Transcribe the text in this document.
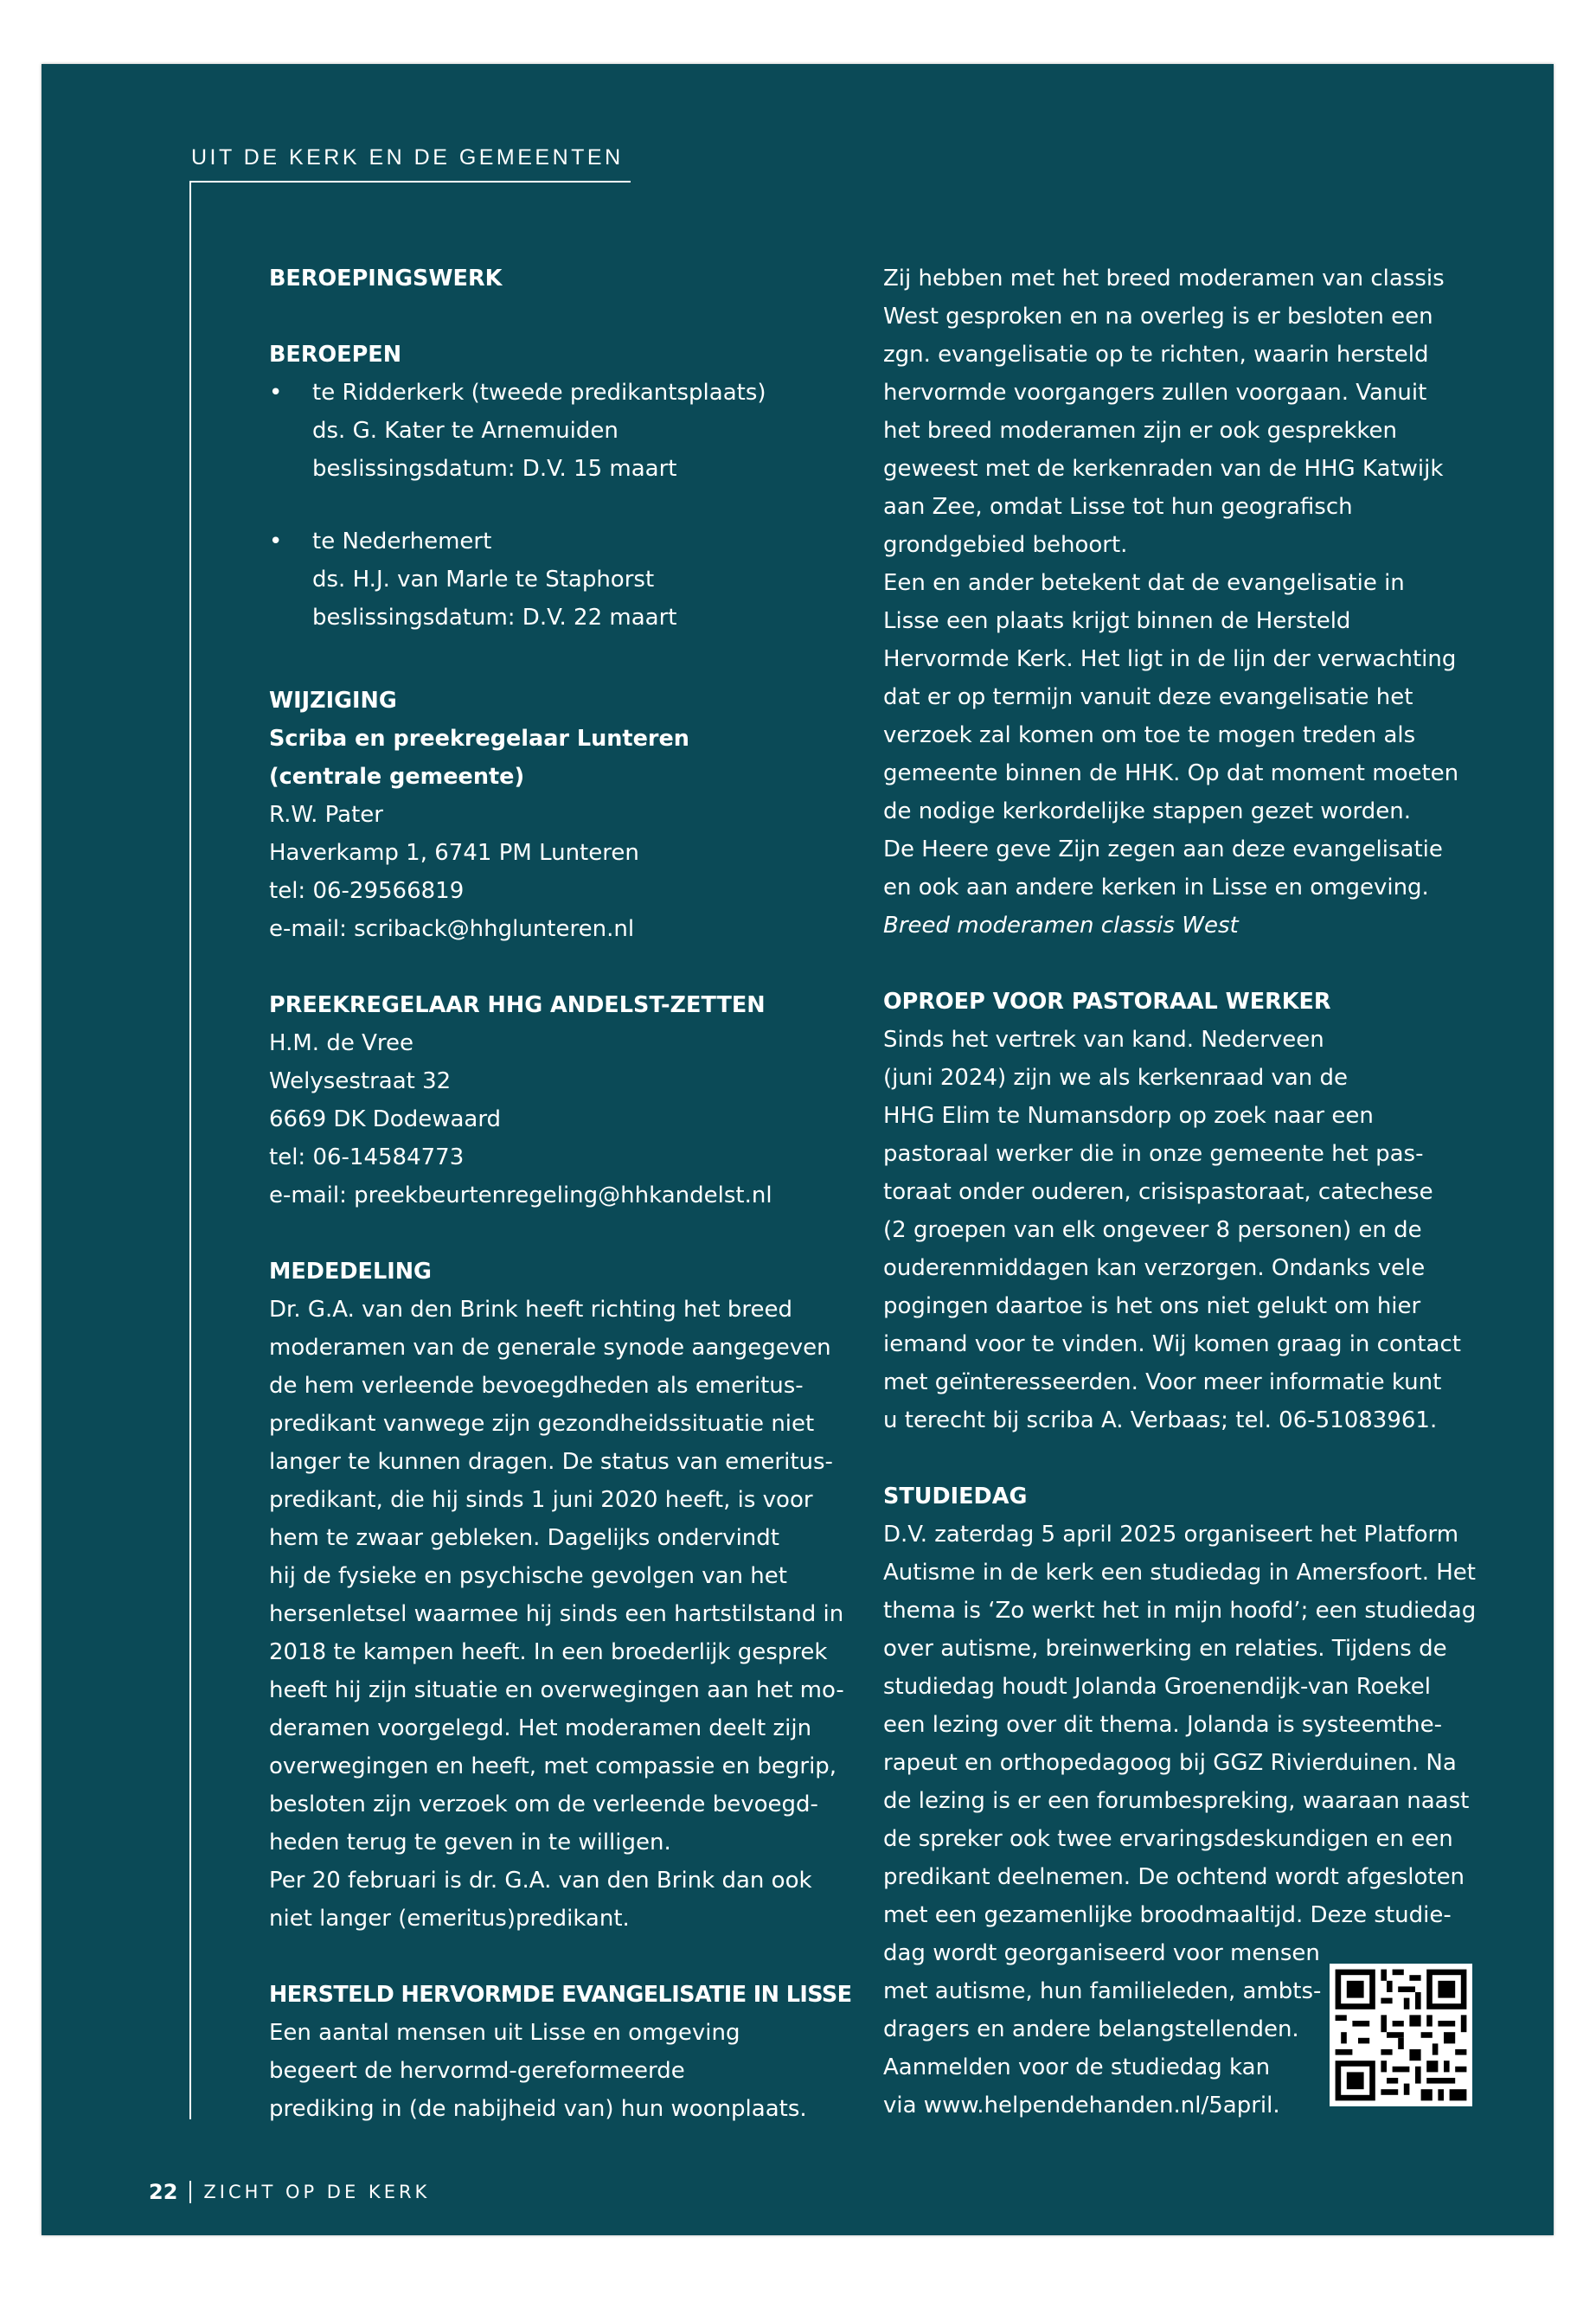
UIT DE KERK EN DE GEMEENTEN

BEROEPINGSWERK

BEROEPEN

• te Ridderkerk (tweede predikantsplaats)

ds. G. Kater te Arnemuiden

beslissingsdatum: D.V. 15 maart

• te Nederhemert

ds. H.J. van Marle te Staphorst

beslissingsdatum: D.V. 22 maart

WIJZIGING

Scriba en preekregelaar Lunteren

(centrale gemeente)

R.W. Pater

Haverkamp 1, 6741 PM Lunteren

tel: 06-29566819

e-mail: scriback@hhglunteren.nl

PREEKREGELAAR HHG ANDELST-ZETTEN

H.M. de Vree

Welysestraat 32

6669 DK Dodewaard

tel: 06-14584773

e-mail: preekbeurtenregeling@hhkandelst.nl

MEDEDELING

Dr. G.A. van den Brink heeft richting het breed

moderamen van de generale synode aangegeven

de hem verleende bevoegdheden als emeritus-

predikant vanwege zijn gezondheidssituatie niet

langer te kunnen dragen. De status van emeritus-

predikant, die hij sinds 1 juni 2020 heeft, is voor

hem te zwaar gebleken. Dagelijks ondervindt

hij de fysieke en psychische gevolgen van het

hersenletsel waarmee hij sinds een hartstilstand in

2018 te kampen heeft. In een broederlijk gesprek

heeft hij zijn situatie en overwegingen aan het mo-

deramen voorgelegd. Het moderamen deelt zijn

overwegingen en heeft, met compassie en begrip,

besloten zijn verzoek om de verleende bevoegd-

heden terug te geven in te willigen.

Per 20 februari is dr. G.A. van den Brink dan ook

niet langer (emeritus)predikant.

HERSTELD HERVORMDE EVANGELISATIE IN LISSE

Een aantal mensen uit Lisse en omgeving

begeert de hervormd-gereformeerde

prediking in (de nabijheid van) hun woonplaats.

Zij hebben met het breed moderamen van classis

West gesproken en na overleg is er besloten een

zgn. evangelisatie op te richten, waarin hersteld

hervormde voorgangers zullen voorgaan. Vanuit

het breed moderamen zijn er ook gesprekken

geweest met de kerkenraden van de HHG Katwijk

aan Zee, omdat Lisse tot hun geografisch

grondgebied behoort.

Een en ander betekent dat de evangelisatie in

Lisse een plaats krijgt binnen de Hersteld

Hervormde Kerk. Het ligt in de lijn der verwachting

dat er op termijn vanuit deze evangelisatie het

verzoek zal komen om toe te mogen treden als

gemeente binnen de HHK. Op dat moment moeten

de nodige kerkordelijke stappen gezet worden.

De Heere geve Zijn zegen aan deze evangelisatie

en ook aan andere kerken in Lisse en omgeving.

Breed moderamen classis West

OPROEP VOOR PASTORAAL WERKER

Sinds het vertrek van kand. Nederveen

(juni 2024) zijn we als kerkenraad van de

HHG Elim te Numansdorp op zoek naar een

pastoraal werker die in onze gemeente het pas-

toraat onder ouderen, crisispastoraat, catechese

(2 groepen van elk ongeveer 8 personen) en de

ouderenmiddagen kan verzorgen. Ondanks vele

pogingen daartoe is het ons niet gelukt om hier

iemand voor te vinden. Wij komen graag in contact

met geïnteresseerden. Voor meer informatie kunt

u terecht bij scriba A. Verbaas; tel. 06-51083961.

STUDIEDAG

D.V. zaterdag 5 april 2025 organiseert het Platform

Autisme in de kerk een studiedag in Amersfoort. Het

thema is ‘Zo werkt het in mijn hoofd’; een studiedag

over autisme, breinwerking en relaties. Tijdens de

studiedag houdt Jolanda Groenendijk-van Roekel

een lezing over dit thema. Jolanda is systeemthe-

rapeut en orthopedagoog bij GGZ Rivierduinen. Na

de lezing is er een forumbespreking, waaraan naast

de spreker ook twee ervaringsdeskundigen en een

predikant deelnemen. De ochtend wordt afgesloten

met een gezamenlijke broodmaaltijd. Deze studie-

dag wordt georganiseerd voor mensen

met autisme, hun familieleden, ambts-

dragers en andere belangstellenden.

Aanmelden voor de studiedag kan

via www.helpendehanden.nl/5april.

22 ZICHT OP DE KERK
